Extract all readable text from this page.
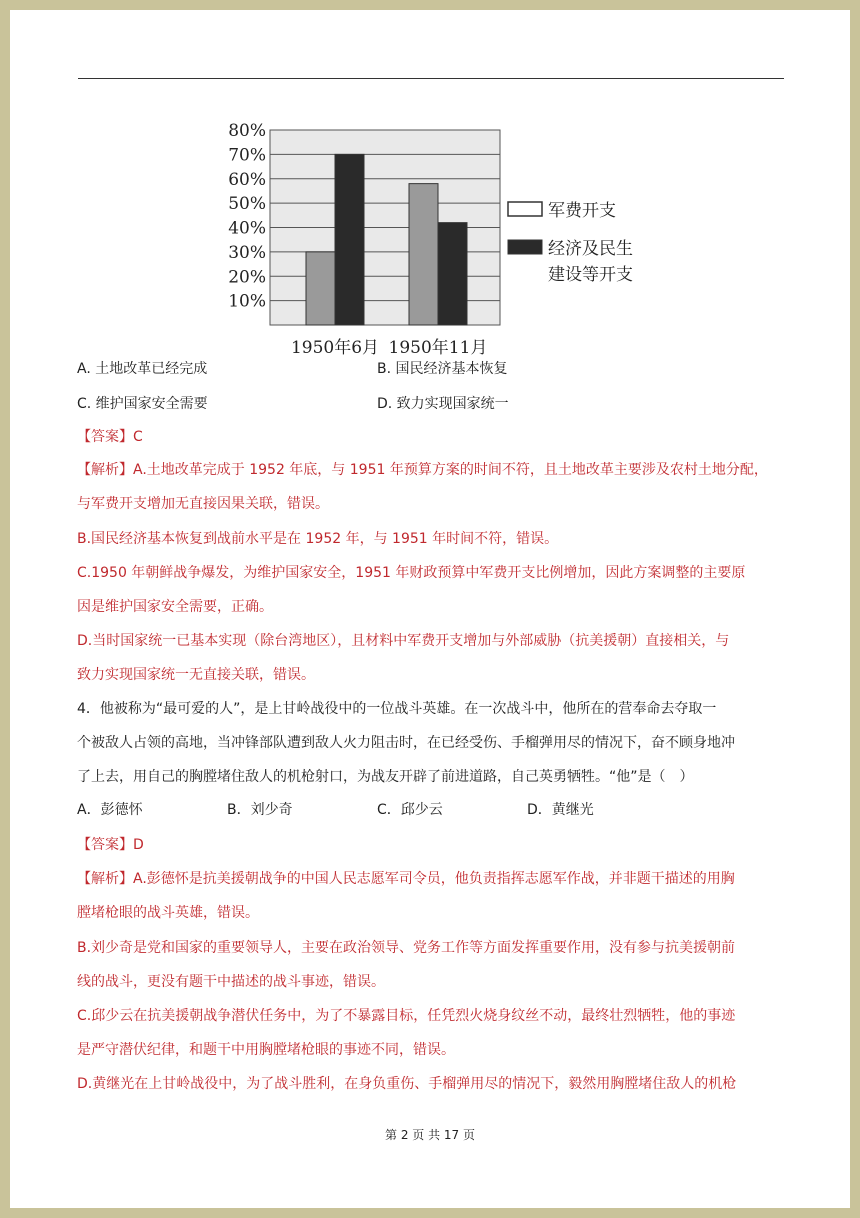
80%
70%
60%
50%
40%
30%
20%
10%
1950年6月 1950年11月
军费开支
经济及民生
建设等开支
A. 土地改革已经完成	B. 国民经济基本恢复
C. 维护国家安全需要	D. 致力实现国家统一
【答案】C
【解析】A.土地改革完成于 1952 年底，与 1951 年预算方案的时间不符，且土地改革主要涉及农村土地分配，
与军费开支增加无直接因果关联，错误。
B.国民经济基本恢复到战前水平是在 1952 年，与 1951 年时间不符，错误。
C.1950 年朝鲜战争爆发，为维护国家安全，1951 年财政预算中军费开支比例增加，因此方案调整的主要原
因是维护国家安全需要，正确。
D.当时国家统一已基本实现（除台湾地区），且材料中军费开支增加与外部威胁（抗美援朝）直接相关，与
致力实现国家统一无直接关联，错误。
4．他被称为“最可爱的人”，是上甘岭战役中的一位战斗英雄。在一次战斗中，他所在的营奉命去夺取一
个被敌人占领的高地，当冲锋部队遭到敌人火力阻击时，在已经受伤、手榴弹用尽的情况下，奋不顾身地冲
了上去，用自己的胸膛堵住敌人的机枪射口，为战友开辟了前进道路，自己英勇牺牲。“他”是（　）
A．彭德怀	B．刘少奇	C．邱少云	D．黄继光
【答案】D
【解析】A.彭德怀是抗美援朝战争的中国人民志愿军司令员，他负责指挥志愿军作战，并非题干描述的用胸
膛堵枪眼的战斗英雄，错误。
B.刘少奇是党和国家的重要领导人，主要在政治领导、党务工作等方面发挥重要作用，没有参与抗美援朝前
线的战斗，更没有题干中描述的战斗事迹，错误。
C.邱少云在抗美援朝战争潜伏任务中，为了不暴露目标，任凭烈火烧身纹丝不动，最终壮烈牺牲，他的事迹
是严守潜伏纪律，和题干中用胸膛堵枪眼的事迹不同，错误。
D.黄继光在上甘岭战役中，为了战斗胜利，在身负重伤、手榴弹用尽的情况下，毅然用胸膛堵住敌人的机枪
第 2 页 共 17 页
